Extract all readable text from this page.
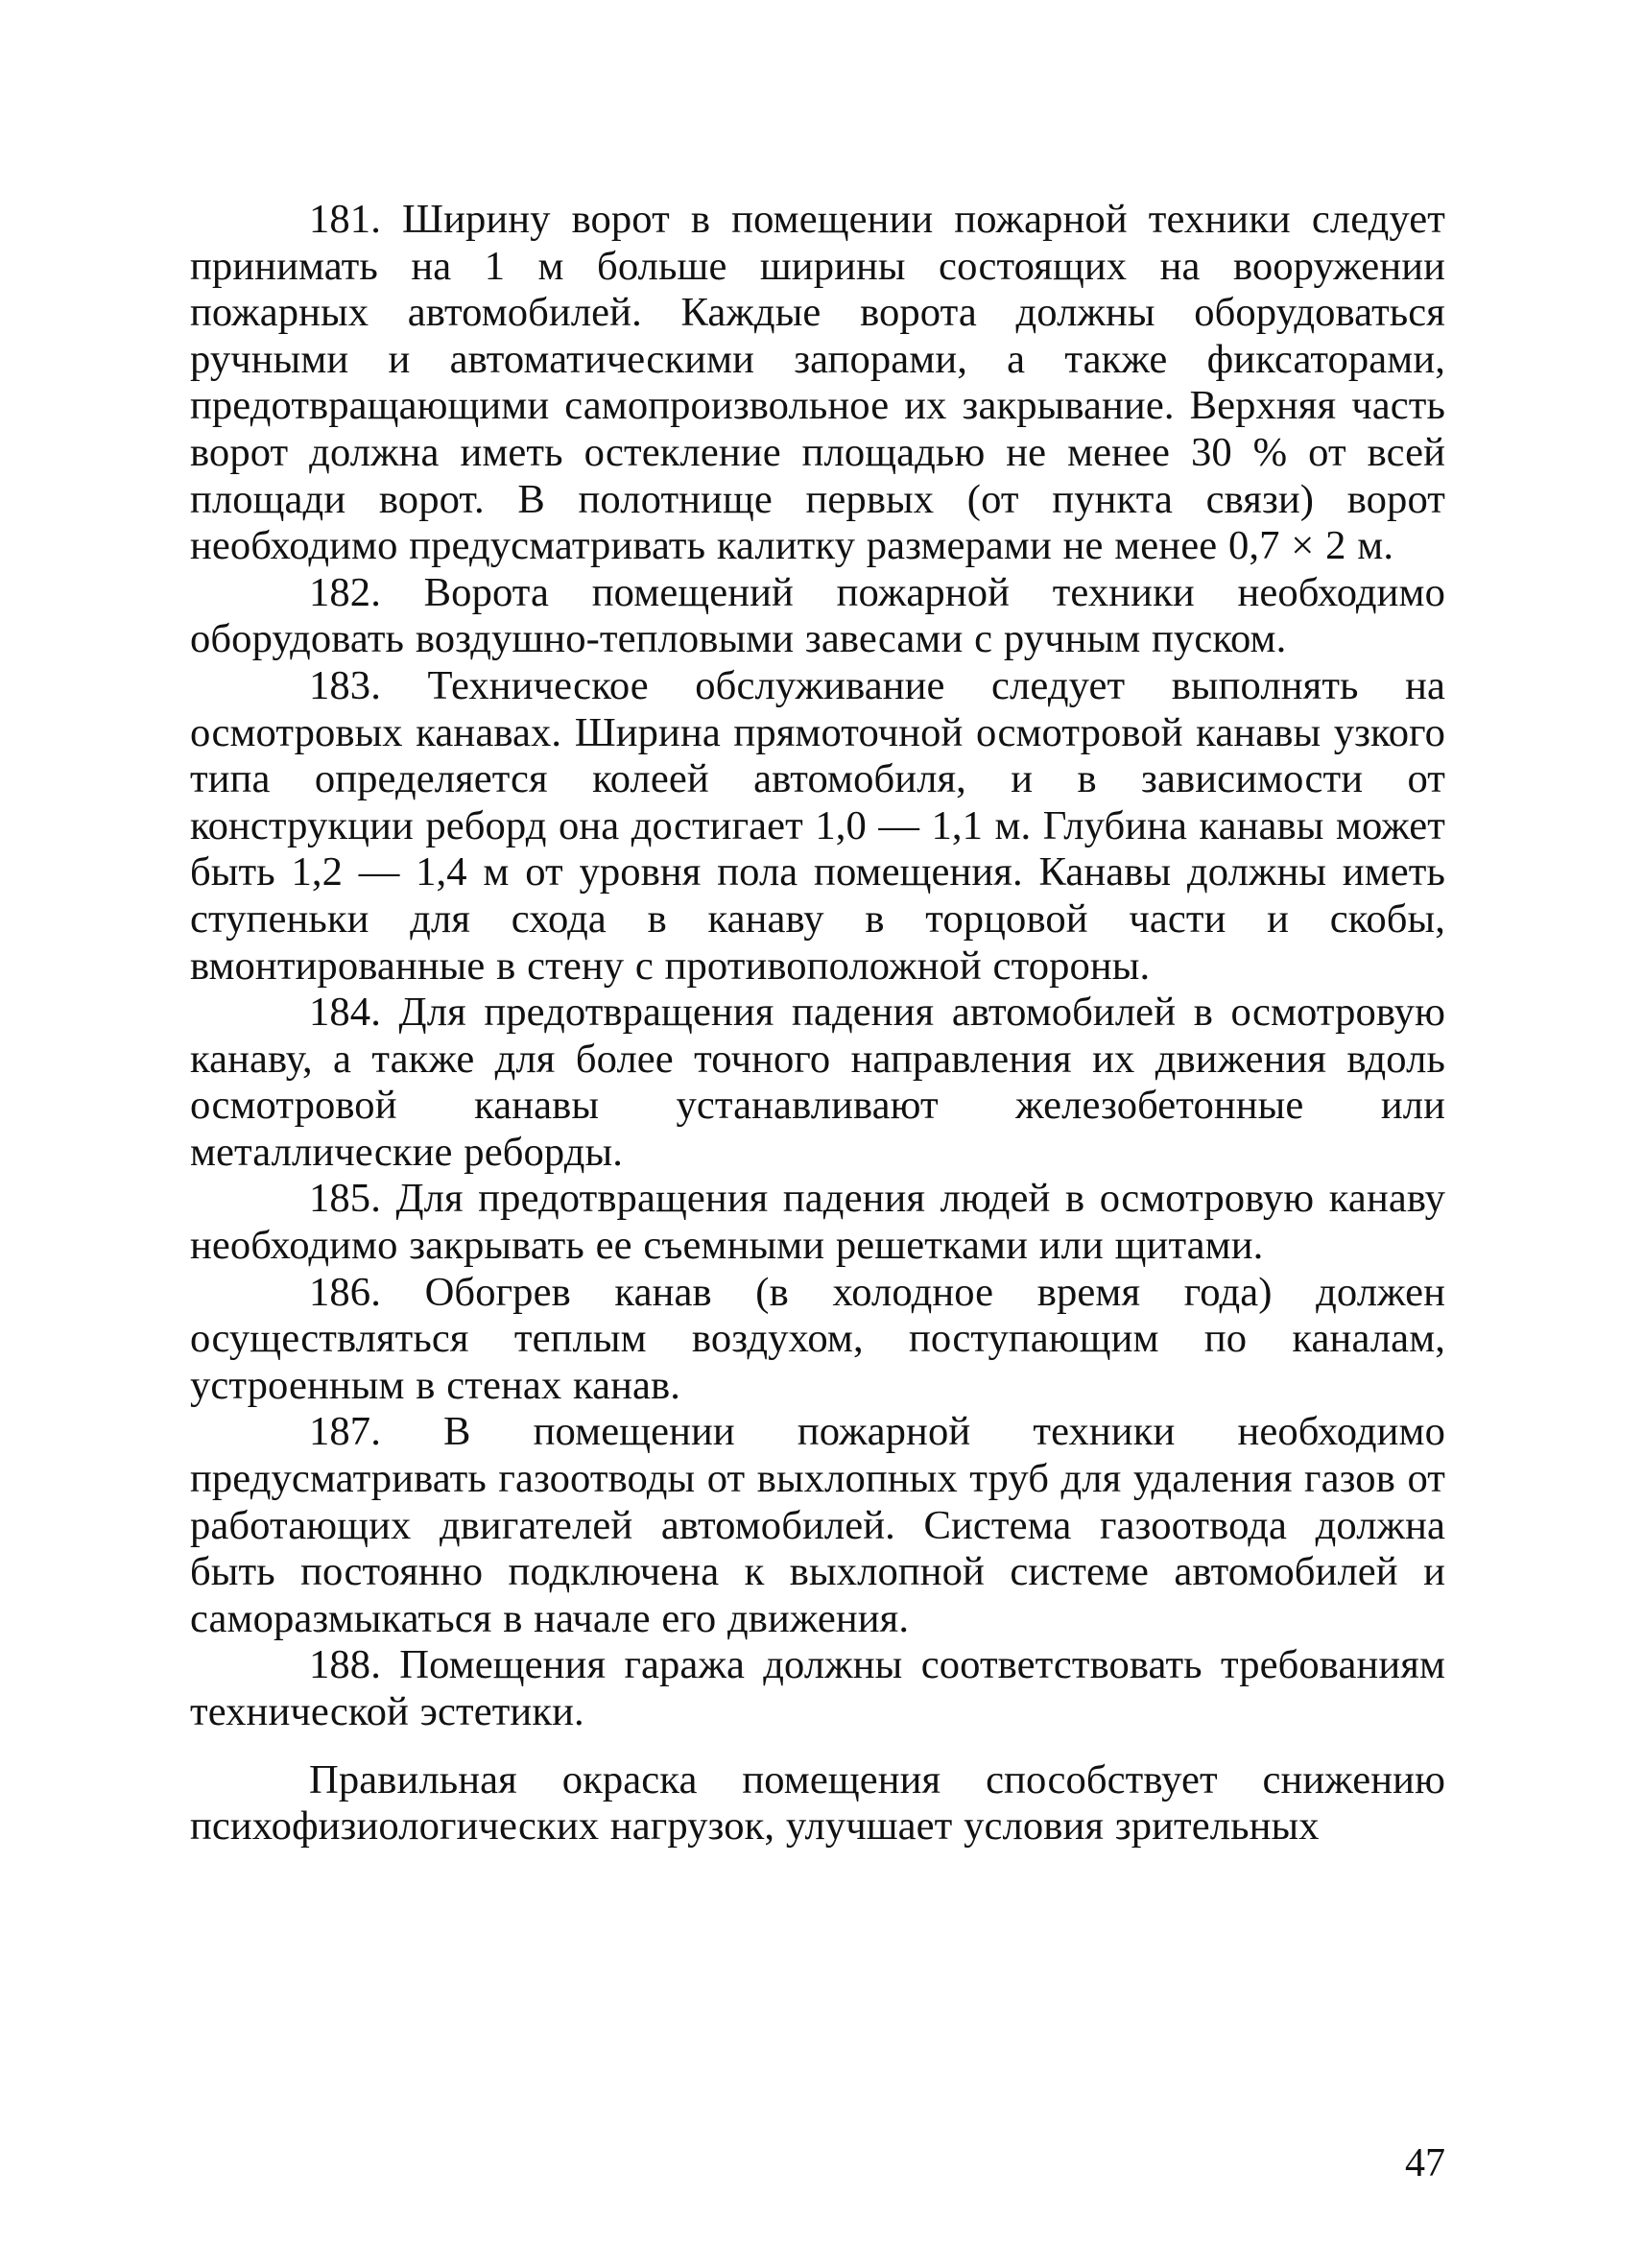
181. Ширину ворот в помещении пожарной техники следует принимать на 1 м больше ширины состоящих на вооружении пожарных автомобилей. Каждые ворота должны оборудоваться ручными и автоматическими запорами, а также фиксаторами, предотвращающими самопроизвольное их закрывание. Верхняя часть ворот должна иметь остекление площадью не менее 30 % от всей площади ворот. В полотнище первых (от пункта связи) ворот необходимо предусматривать калитку размерами не менее 0,7 × 2 м.

182. Ворота помещений пожарной техники необходимо оборудовать воздушно-тепловыми завесами с ручным пуском.

183. Техническое обслуживание следует выполнять на осмотровых канавах. Ширина прямоточной осмотровой канавы узкого типа определяется колеей автомобиля, и в зависимости от конструкции реборд она достигает 1,0 — 1,1 м. Глубина канавы может быть 1,2 — 1,4 м от уровня пола помещения. Канавы должны иметь ступеньки для схода в канаву в торцовой части и скобы, вмонтированные в стену с противоположной стороны.

184. Для предотвращения падения автомобилей в осмотровую канаву, а также для более точного направления их движения вдоль осмотровой канавы устанавливают железобетонные или металлические реборды.

185. Для предотвращения падения людей в осмотровую канаву необходимо закрывать ее съемными решетками или щитами.

186. Обогрев канав (в холодное время года) должен осуществляться теплым воздухом, поступающим по каналам, устроенным в стенах канав.

187. В помещении пожарной техники необходимо предусматривать газоотводы от выхлопных труб для удаления газов от работающих двигателей автомобилей. Система газоотвода должна быть постоянно подключена к выхлопной системе автомобилей и саморазмыкаться в начале его движения.

188. Помещения гаража должны соответствовать требованиям технической эстетики.

Правильная окраска помещения способствует снижению психофизиологических нагрузок, улучшает условия зрительных

47
